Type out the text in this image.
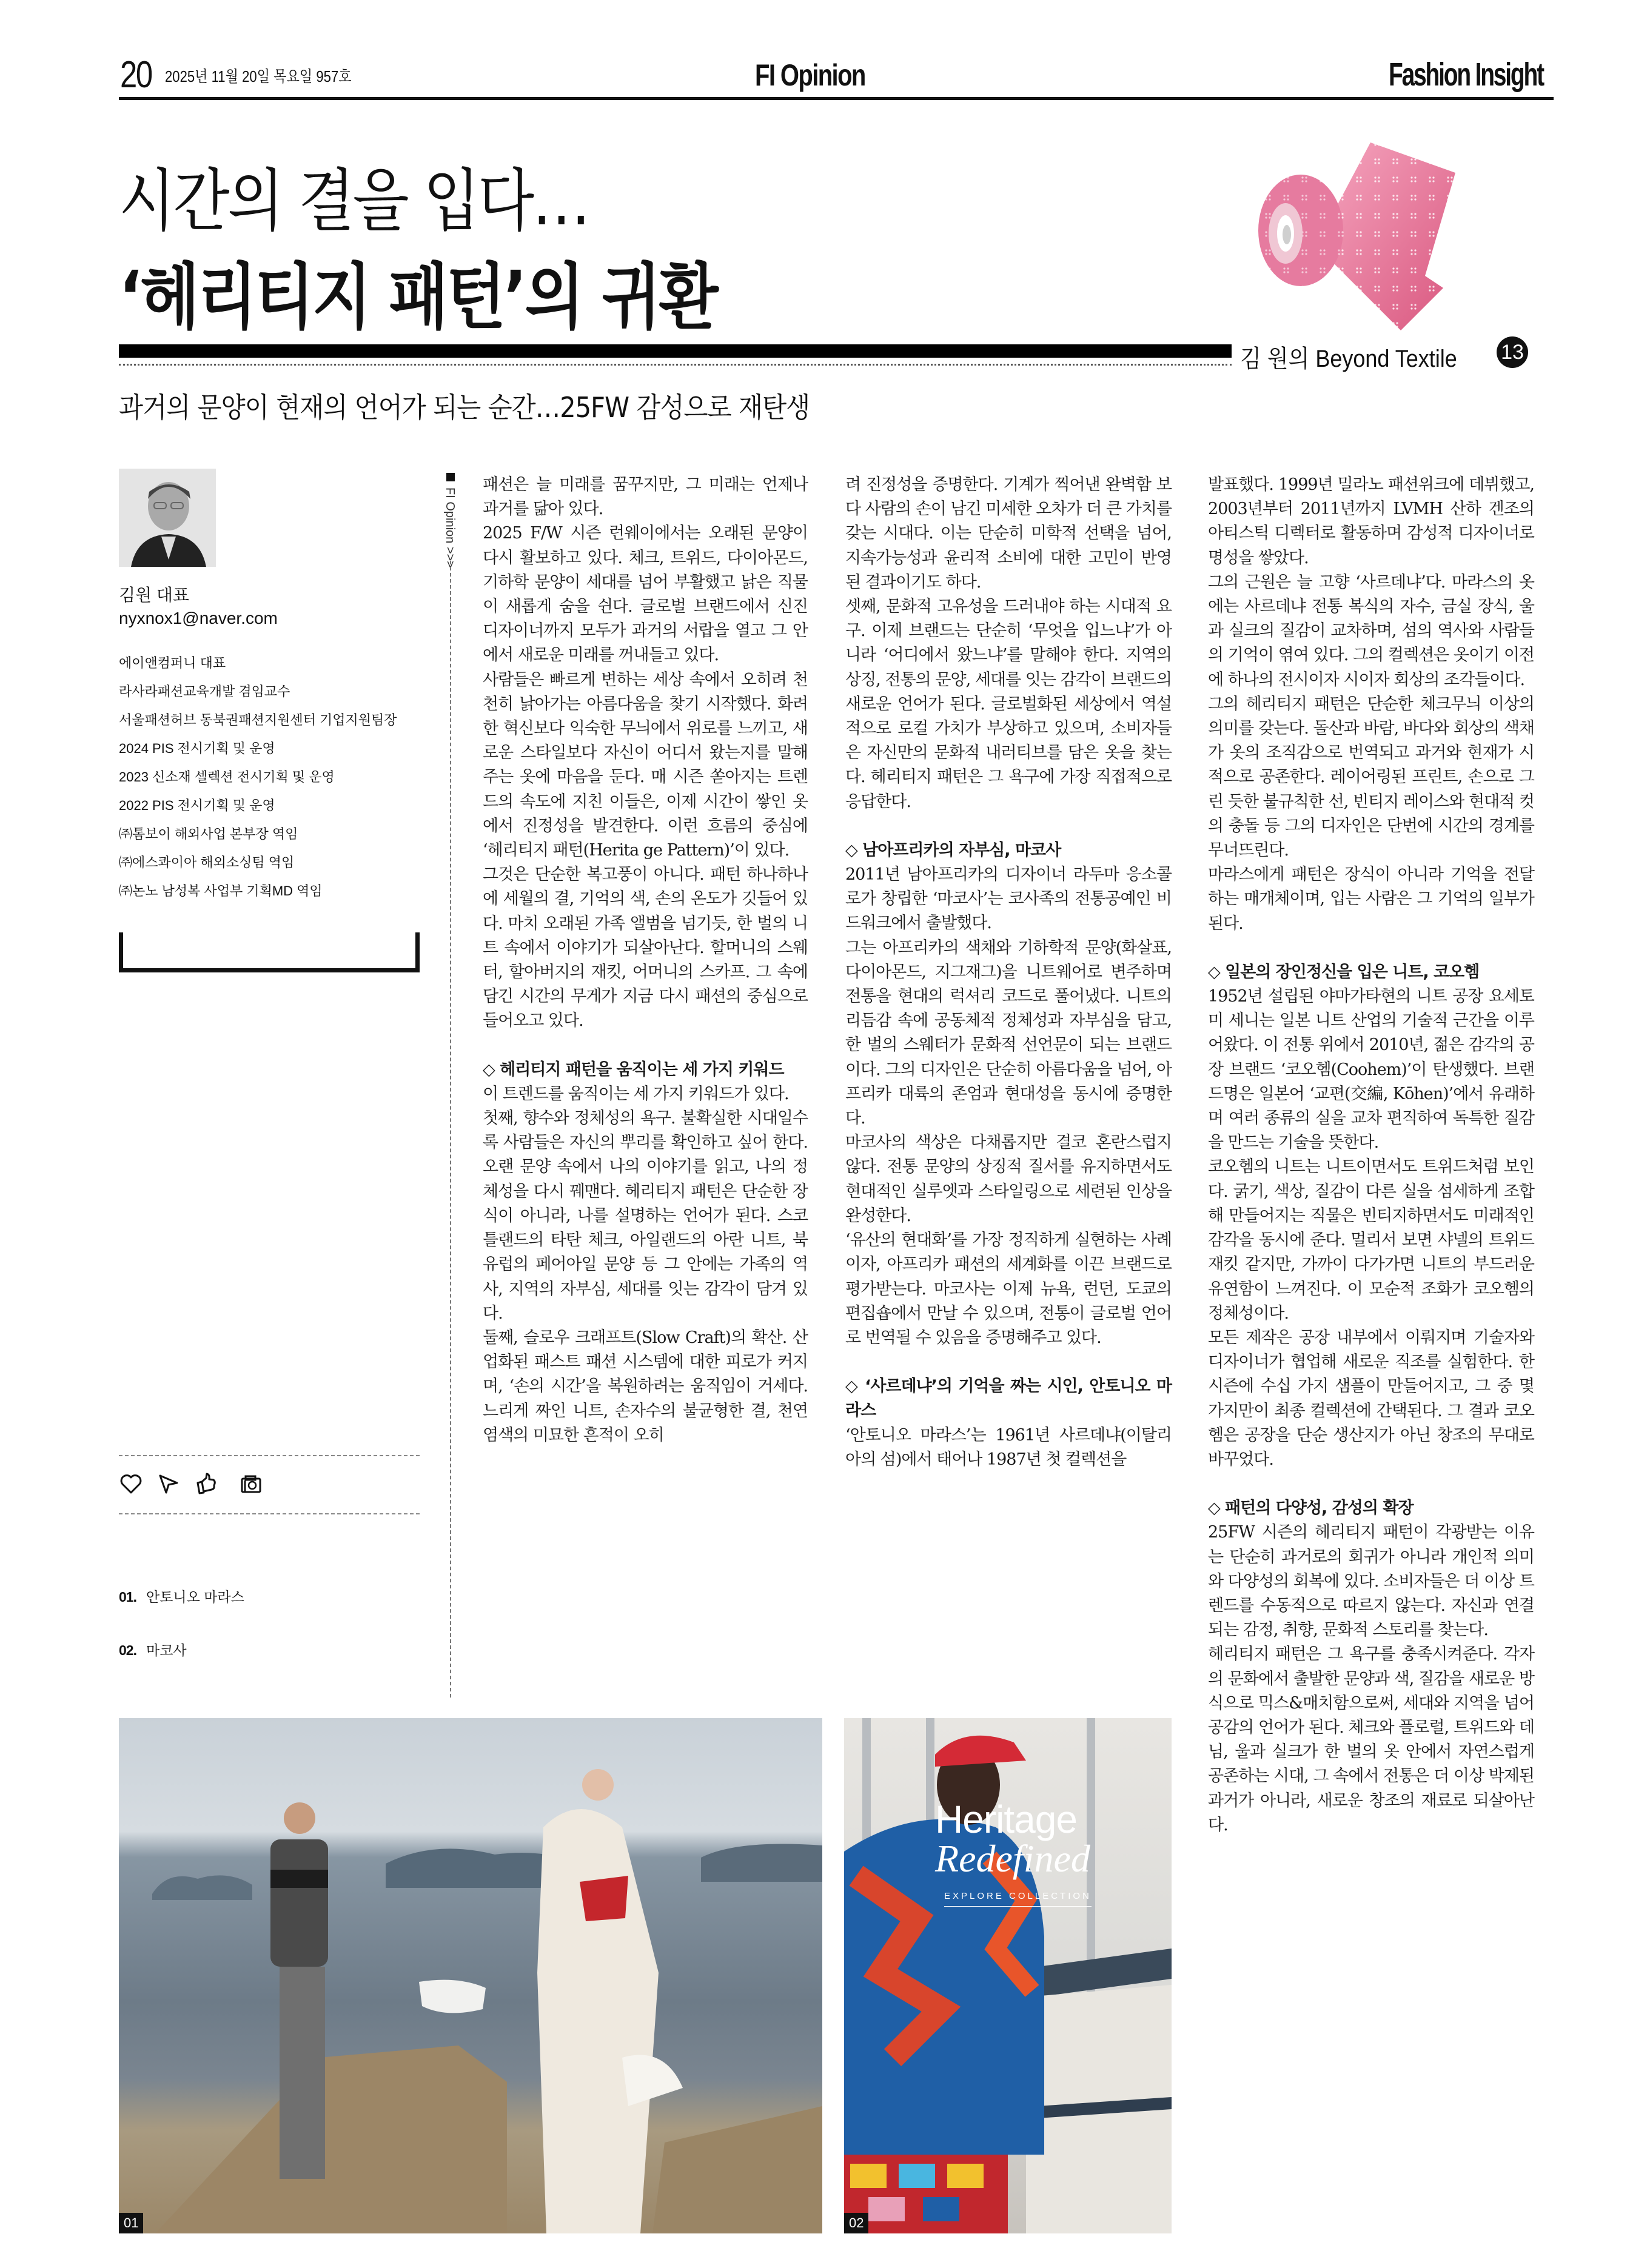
20 2025년 11월 20일 목요일 957호	FI Opinion	Fashion Insight
시간의 결을 입다…
‘헤리티지 패턴’의 귀환
김 원의 Beyond Textile 13
과거의 문양이 현재의 언어가 되는 순간…25FW 감성으로 재탄생
김원 대표
nyxnox1@naver.com
에이앤컴퍼니 대표
라사라패션교육개발 겸임교수
서울패션허브 동북권패션지원센터 기업지원팀장
2024 PIS 전시기획 및 운영
2023 신소재 셀렉션 전시기획 및 운영
2022 PIS 전시기획 및 운영
㈜톰보이 해외사업 본부장 역임
㈜에스콰이아 해외소싱팀 역임
㈜논노 남성복 사업부 기획MD 역임
01. 안토니오 마라스
02. 마코사
FI Opinion >>>

패션은 늘 미래를 꿈꾸지만, 그 미래는 언제나 과거를 닮아 있다.

2025 F/W 시즌 런웨이에서는 오래된 문양이 다시 활보하고 있다. 체크, 트위드, 다이아몬드, 기하학 문양이 세대를 넘어 부활했고 낡은 직물이 새롭게 숨을 쉰다. 글로벌 브랜드에서 신진 디자이너까지 모두가 과거의 서랍을 열고 그 안에서 새로운 미래를 꺼내들고 있다.

사람들은 빠르게 변하는 세상 속에서 오히려 천천히 낡아가는 아름다움을 찾기 시작했다. 화려한 혁신보다 익숙한 무늬에서 위로를 느끼고, 새로운 스타일보다 자신이 어디서 왔는지를 말해주는 옷에 마음을 둔다. 매 시즌 쏟아지는 트렌드의 속도에 지친 이들은, 이제 시간이 쌓인 옷에서 진정성을 발견한다. 이런 흐름의 중심에 ‘헤리티지 패턴(Herita ge Pattern)’이 있다.

그것은 단순한 복고풍이 아니다. 패턴 하나하나에 세월의 결, 기억의 색, 손의 온도가 깃들어 있다. 마치 오래된 가족 앨범을 넘기듯, 한 벌의 니트 속에서 이야기가 되살아난다. 할머니의 스웨터, 할아버지의 재킷, 어머니의 스카프. 그 속에 담긴 시간의 무게가 지금 다시 패션의 중심으로 들어오고 있다.

◇ 헤리티지 패턴을 움직이는 세 가지 키워드

이 트렌드를 움직이는 세 가지 키워드가 있다.

첫째, 향수와 정체성의 욕구. 불확실한 시대일수록 사람들은 자신의 뿌리를 확인하고 싶어 한다. 오랜 문양 속에서 나의 이야기를 읽고, 나의 정체성을 다시 꿰맨다. 헤리티지 패턴은 단순한 장식이 아니라, 나를 설명하는 언어가 된다. 스코틀랜드의 타탄 체크, 아일랜드의 아란 니트, 북유럽의 페어아일 문양 등 그 안에는 가족의 역사, 지역의 자부심, 세대를 잇는 감각이 담겨 있다.

둘째, 슬로우 크래프트(Slow Craft)의 확산. 산업화된 패스트 패션 시스템에 대한 피로가 커지며, ‘손의 시간’을 복원하려는 움직임이 거세다. 느리게 짜인 니트, 손자수의 불균형한 결, 천연 염색의 미묘한 흔적이 오히

려 진정성을 증명한다. 기계가 찍어낸 완벽함 보다 사람의 손이 남긴 미세한 오차가 더 큰 가치를 갖는 시대다. 이는 단순히 미학적 선택을 넘어, 지속가능성과 윤리적 소비에 대한 고민이 반영된 결과이기도 하다.

셋째, 문화적 고유성을 드러내야 하는 시대적 요구. 이제 브랜드는 단순히 ‘무엇을 입느냐’가 아니라 ‘어디에서 왔느냐’를 말해야 한다. 지역의 상징, 전통의 문양, 세대를 잇는 감각이 브랜드의 새로운 언어가 된다. 글로벌화된 세상에서 역설적으로 로컬 가치가 부상하고 있으며, 소비자들은 자신만의 문화적 내러티브를 담은 옷을 찾는다. 헤리티지 패턴은 그 욕구에 가장 직접적으로 응답한다.

◇ 남아프리카의 자부심, 마코사

2011년 남아프리카의 디자이너 라두마 응소콜로가 창립한 ‘마코사’는 코사족의 전통공예인 비드워크에서 출발했다.

그는 아프리카의 색채와 기하학적 문양(화살표, 다이아몬드, 지그재그)을 니트웨어로 변주하며 전통을 현대의 럭셔리 코드로 풀어냈다. 니트의 리듬감 속에 공동체적 정체성과 자부심을 담고, 한 벌의 스웨터가 문화적 선언문이 되는 브랜드이다. 그의 디자인은 단순히 아름다움을 넘어, 아프리카 대륙의 존엄과 현대성을 동시에 증명한다.

마코사의 색상은 다채롭지만 결코 혼란스럽지 않다. 전통 문양의 상징적 질서를 유지하면서도 현대적인 실루엣과 스타일링으로 세련된 인상을 완성한다.

‘유산의 현대화’를 가장 정직하게 실현하는 사례이자, 아프리카 패션의 세계화를 이끈 브랜드로 평가받는다. 마코사는 이제 뉴욕, 런던, 도쿄의 편집숍에서 만날 수 있으며, 전통이 글로벌 언어로 번역될 수 있음을 증명해주고 있다.

◇ ‘사르데냐’의 기억을 짜는 시인, 안토니오 마라스

‘안토니오 마라스’는 1961년 사르데냐(이탈리아의 섬)에서 태어나 1987년 첫 컬렉션을

발표했다. 1999년 밀라노 패션위크에 데뷔했고, 2003년부터 2011년까지 LVMH 산하 겐조의 아티스틱 디렉터로 활동하며 감성적 디자이너로 명성을 쌓았다.

그의 근원은 늘 고향 ‘사르데냐’다. 마라스의 옷에는 사르데냐 전통 복식의 자수, 금실 장식, 울과 실크의 질감이 교차하며, 섬의 역사와 사람들의 기억이 엮여 있다. 그의 컬렉션은 옷이기 이전에 하나의 전시이자 시이자 회상의 조각들이다.

그의 헤리티지 패턴은 단순한 체크무늬 이상의 의미를 갖는다. 돌산과 바람, 바다와 회상의 색채가 옷의 조직감으로 번역되고 과거와 현재가 시적으로 공존한다. 레이어링된 프린트, 손으로 그린 듯한 불규칙한 선, 빈티지 레이스와 현대적 컷의 충돌 등 그의 디자인은 단번에 시간의 경계를 무너뜨린다.

마라스에게 패턴은 장식이 아니라 기억을 전달하는 매개체이며, 입는 사람은 그 기억의 일부가 된다.

◇ 일본의 장인정신을 입은 니트, 코오헴

1952년 설립된 야마가타현의 니트 공장 요세토미 세니는 일본 니트 산업의 기술적 근간을 이루어왔다. 이 전통 위에서 2010년, 젊은 감각의 공장 브랜드 ‘코오헴(Coohem)’이 탄생했다. 브랜드명은 일본어 ‘교편(交編, Kōhen)’에서 유래하며 여러 종류의 실을 교차 편직하여 독특한 질감을 만드는 기술을 뜻한다.

코오헴의 니트는 니트이면서도 트위드처럼 보인다. 굵기, 색상, 질감이 다른 실을 섬세하게 조합해 만들어지는 직물은 빈티지하면서도 미래적인 감각을 동시에 준다. 멀리서 보면 샤넬의 트위드 재킷 같지만, 가까이 다가가면 니트의 부드러운 유연함이 느껴진다. 이 모순적 조화가 코오헴의 정체성이다.

모든 제작은 공장 내부에서 이뤄지며 기술자와 디자이너가 협업해 새로운 직조를 실험한다. 한 시즌에 수십 가지 샘플이 만들어지고, 그 중 몇 가지만이 최종 컬렉션에 간택된다. 그 결과 코오헴은 공장을 단순 생산지가 아닌 창조의 무대로 바꾸었다.

◇ 패턴의 다양성, 감성의 확장

25FW 시즌의 헤리티지 패턴이 각광받는 이유는 단순히 과거로의 회귀가 아니라 개인적 의미와 다양성의 회복에 있다. 소비자들은 더 이상 트렌드를 수동적으로 따르지 않는다. 자신과 연결되는 감정, 취향, 문화적 스토리를 찾는다.

헤리티지 패턴은 그 욕구를 충족시켜준다. 각자의 문화에서 출발한 문양과 색, 질감을 새로운 방식으로 믹스&매치함으로써, 세대와 지역을 넘어 공감의 언어가 된다. 체크와 플로럴, 트위드와 데님, 울과 실크가 한 벌의 옷 안에서 자연스럽게 공존하는 시대, 그 속에서 전통은 더 이상 박제된 과거가 아니라, 새로운 창조의 재료로 되살아난다.

01
Heritage
Redefined
EXPLORE COLLECTION
02
